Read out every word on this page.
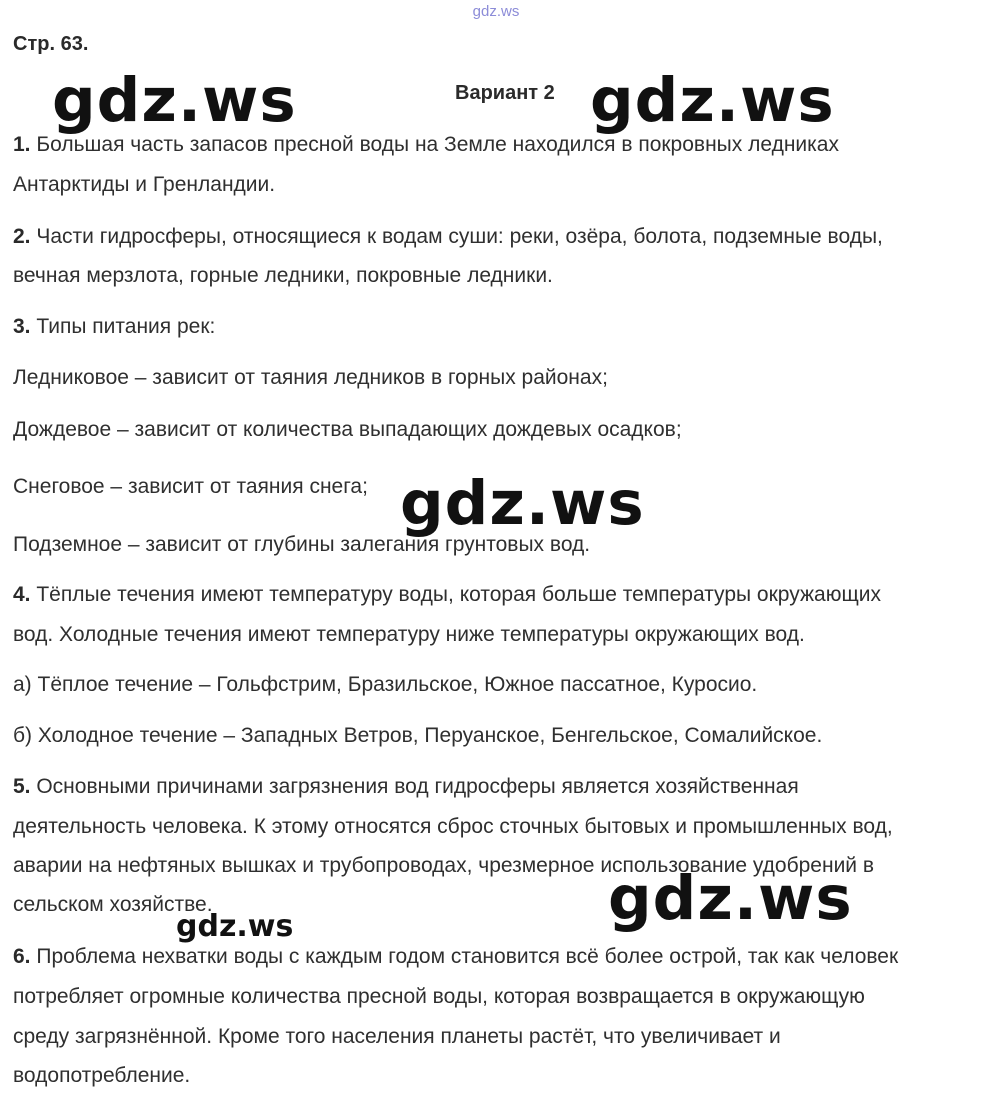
gdz.ws
Стр. 63.
Вариант 2
gdz.ws	gdz.ws
gdz.ws
gdz.ws
gdz.ws
1. Большая часть запасов пресной воды на Земле находился в покровных ледниках
Антарктиды и Гренландии.
2. Части гидросферы, относящиеся к водам суши: реки, озёра, болота, подземные воды,
вечная мерзлота, горные ледники, покровные ледники.
3. Типы питания рек:
Ледниковое – зависит от таяния ледников в горных районах;
Дождевое – зависит от количества выпадающих дождевых осадков;
Снеговое – зависит от таяния снега;
Подземное – зависит от глубины залегания грунтовых вод.
4. Тёплые течения имеют температуру воды, которая больше температуры окружающих
вод. Холодные течения имеют температуру ниже температуры окружающих вод.
а) Тёплое течение – Гольфстрим, Бразильское, Южное пассатное, Куросио.
б) Холодное течение – Западных Ветров, Перуанское, Бенгельское, Сомалийское.
5. Основными причинами загрязнения вод гидросферы является хозяйственная
деятельность человека. К этому относятся сброс сточных бытовых и промышленных вод,
аварии на нефтяных вышках и трубопроводах, чрезмерное использование удобрений в
сельском хозяйстве.
6. Проблема нехватки воды с каждым годом становится всё более острой, так как человек
потребляет огромные количества пресной воды, которая возвращается в окружающую
среду загрязнённой. Кроме того населения планеты растёт, что увеличивает и
водопотребление.
